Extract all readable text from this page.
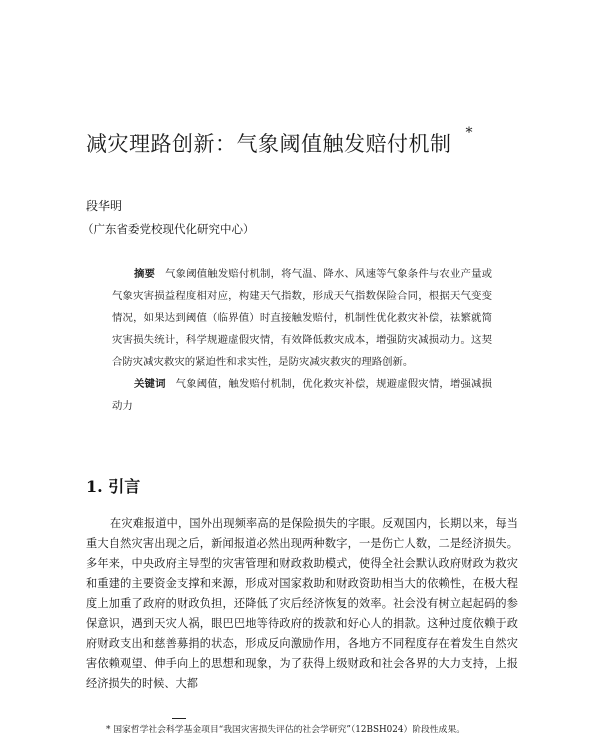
减灾理路创新：气象阈值触发赔付机制 *
段华明
（广东省委党校现代化研究中心）

摘要 气象阈值触发赔付机制，将气温、降水、风速等气象条件与农业产量或气象灾害损益程度相对应，构建天气指数，形成天气指数保险合同，根据天气变变情况，如果达到阈值（临界值）时直接触发赔付，机制性优化救灾补偿，祛繁就简灾害损失统计，科学规避虚假灾情，有效降低救灾成本，增强防灾减损动力。这契合防灾减灾救灾的紧迫性和求实性，是防灾减灾救灾的理路创新。

关键词 气象阈值，触发赔付机制，优化救灾补偿，规避虚假灾情，增强减损动力

1. 引言

在灾难报道中，国外出现频率高的是保险损失的字眼。反观国内，长期以来，每当重大自然灾害出现之后，新闻报道必然出现两种数字，一是伤亡人数，二是经济损失。多年来，中央政府主导型的灾害管理和财政救助模式，使得全社会默认政府财政为救灾和重建的主要资金支撑和来源，形成对国家救助和财政资助相当大的依赖性，在极大程度上加重了政府的财政负担，还降低了灾后经济恢复的效率。社会没有树立起起码的参保意识，遇到天灾人祸，眼巴巴地等待政府的拨款和好心人的捐款。这种过度依赖于政府财政支出和慈善募捐的状态，形成反向激励作用，各地方不同程度存在着发生自然灾害依赖观望、伸手向上的思想和现象，为了获得上级财政和社会各界的大力支持，上报经济损失的时候、大都

* 国家哲学社会科学基金项目“我国灾害损失评估的社会学研究”（12BSH024）阶段性成果。
